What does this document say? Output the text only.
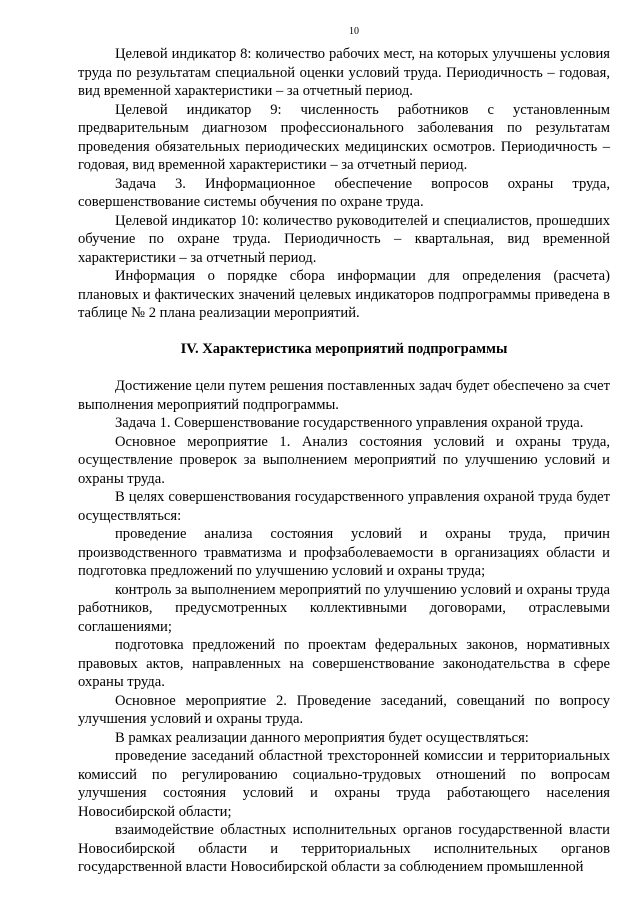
10

Целевой индикатор 8: количество рабочих мест, на которых улучшены условия труда по результатам специальной оценки условий труда. Периодичность – годовая, вид временной характеристики – за отчетный период.

Целевой индикатор 9: численность работников с установленным предварительным диагнозом профессионального заболевания по результатам проведения обязательных периодических медицинских осмотров. Периодичность – годовая, вид временной характеристики – за отчетный период.

Задача 3. Информационное обеспечение вопросов охраны труда, совершенствование системы обучения по охране труда.

Целевой индикатор 10: количество руководителей и специалистов, прошедших обучение по охране труда. Периодичность – квартальная, вид временной характеристики – за отчетный период.

Информация о порядке сбора информации для определения (расчета) плановых и фактических значений целевых индикаторов подпрограммы приведена в таблице № 2 плана реализации мероприятий.

IV. Характеристика мероприятий подпрограммы

Достижение цели путем решения поставленных задач будет обеспечено за счет выполнения мероприятий подпрограммы.

Задача 1. Совершенствование государственного управления охраной труда.

Основное мероприятие 1. Анализ состояния условий и охраны труда, осуществление проверок за выполнением мероприятий по улучшению условий и охраны труда.

В целях совершенствования государственного управления охраной труда будет осуществляться:

проведение анализа состояния условий и охраны труда, причин производственного травматизма и профзаболеваемости в организациях области и подготовка предложений по улучшению условий и охраны труда;

контроль за выполнением мероприятий по улучшению условий и охраны труда работников, предусмотренных коллективными договорами, отраслевыми соглашениями;

подготовка предложений по проектам федеральных законов, нормативных правовых актов, направленных на совершенствование законодательства в сфере охраны труда.

Основное мероприятие 2. Проведение заседаний, совещаний по вопросу улучшения условий и охраны труда.

В рамках реализации данного мероприятия будет осуществляться:

проведение заседаний областной трехсторонней комиссии и территориальных комиссий по регулированию социально-трудовых отношений по вопросам улучшения состояния условий и охраны труда работающего населения Новосибирской области;

взаимодействие областных исполнительных органов государственной власти Новосибирской области и территориальных исполнительных органов государственной власти Новосибирской области за соблюдением промышленной
